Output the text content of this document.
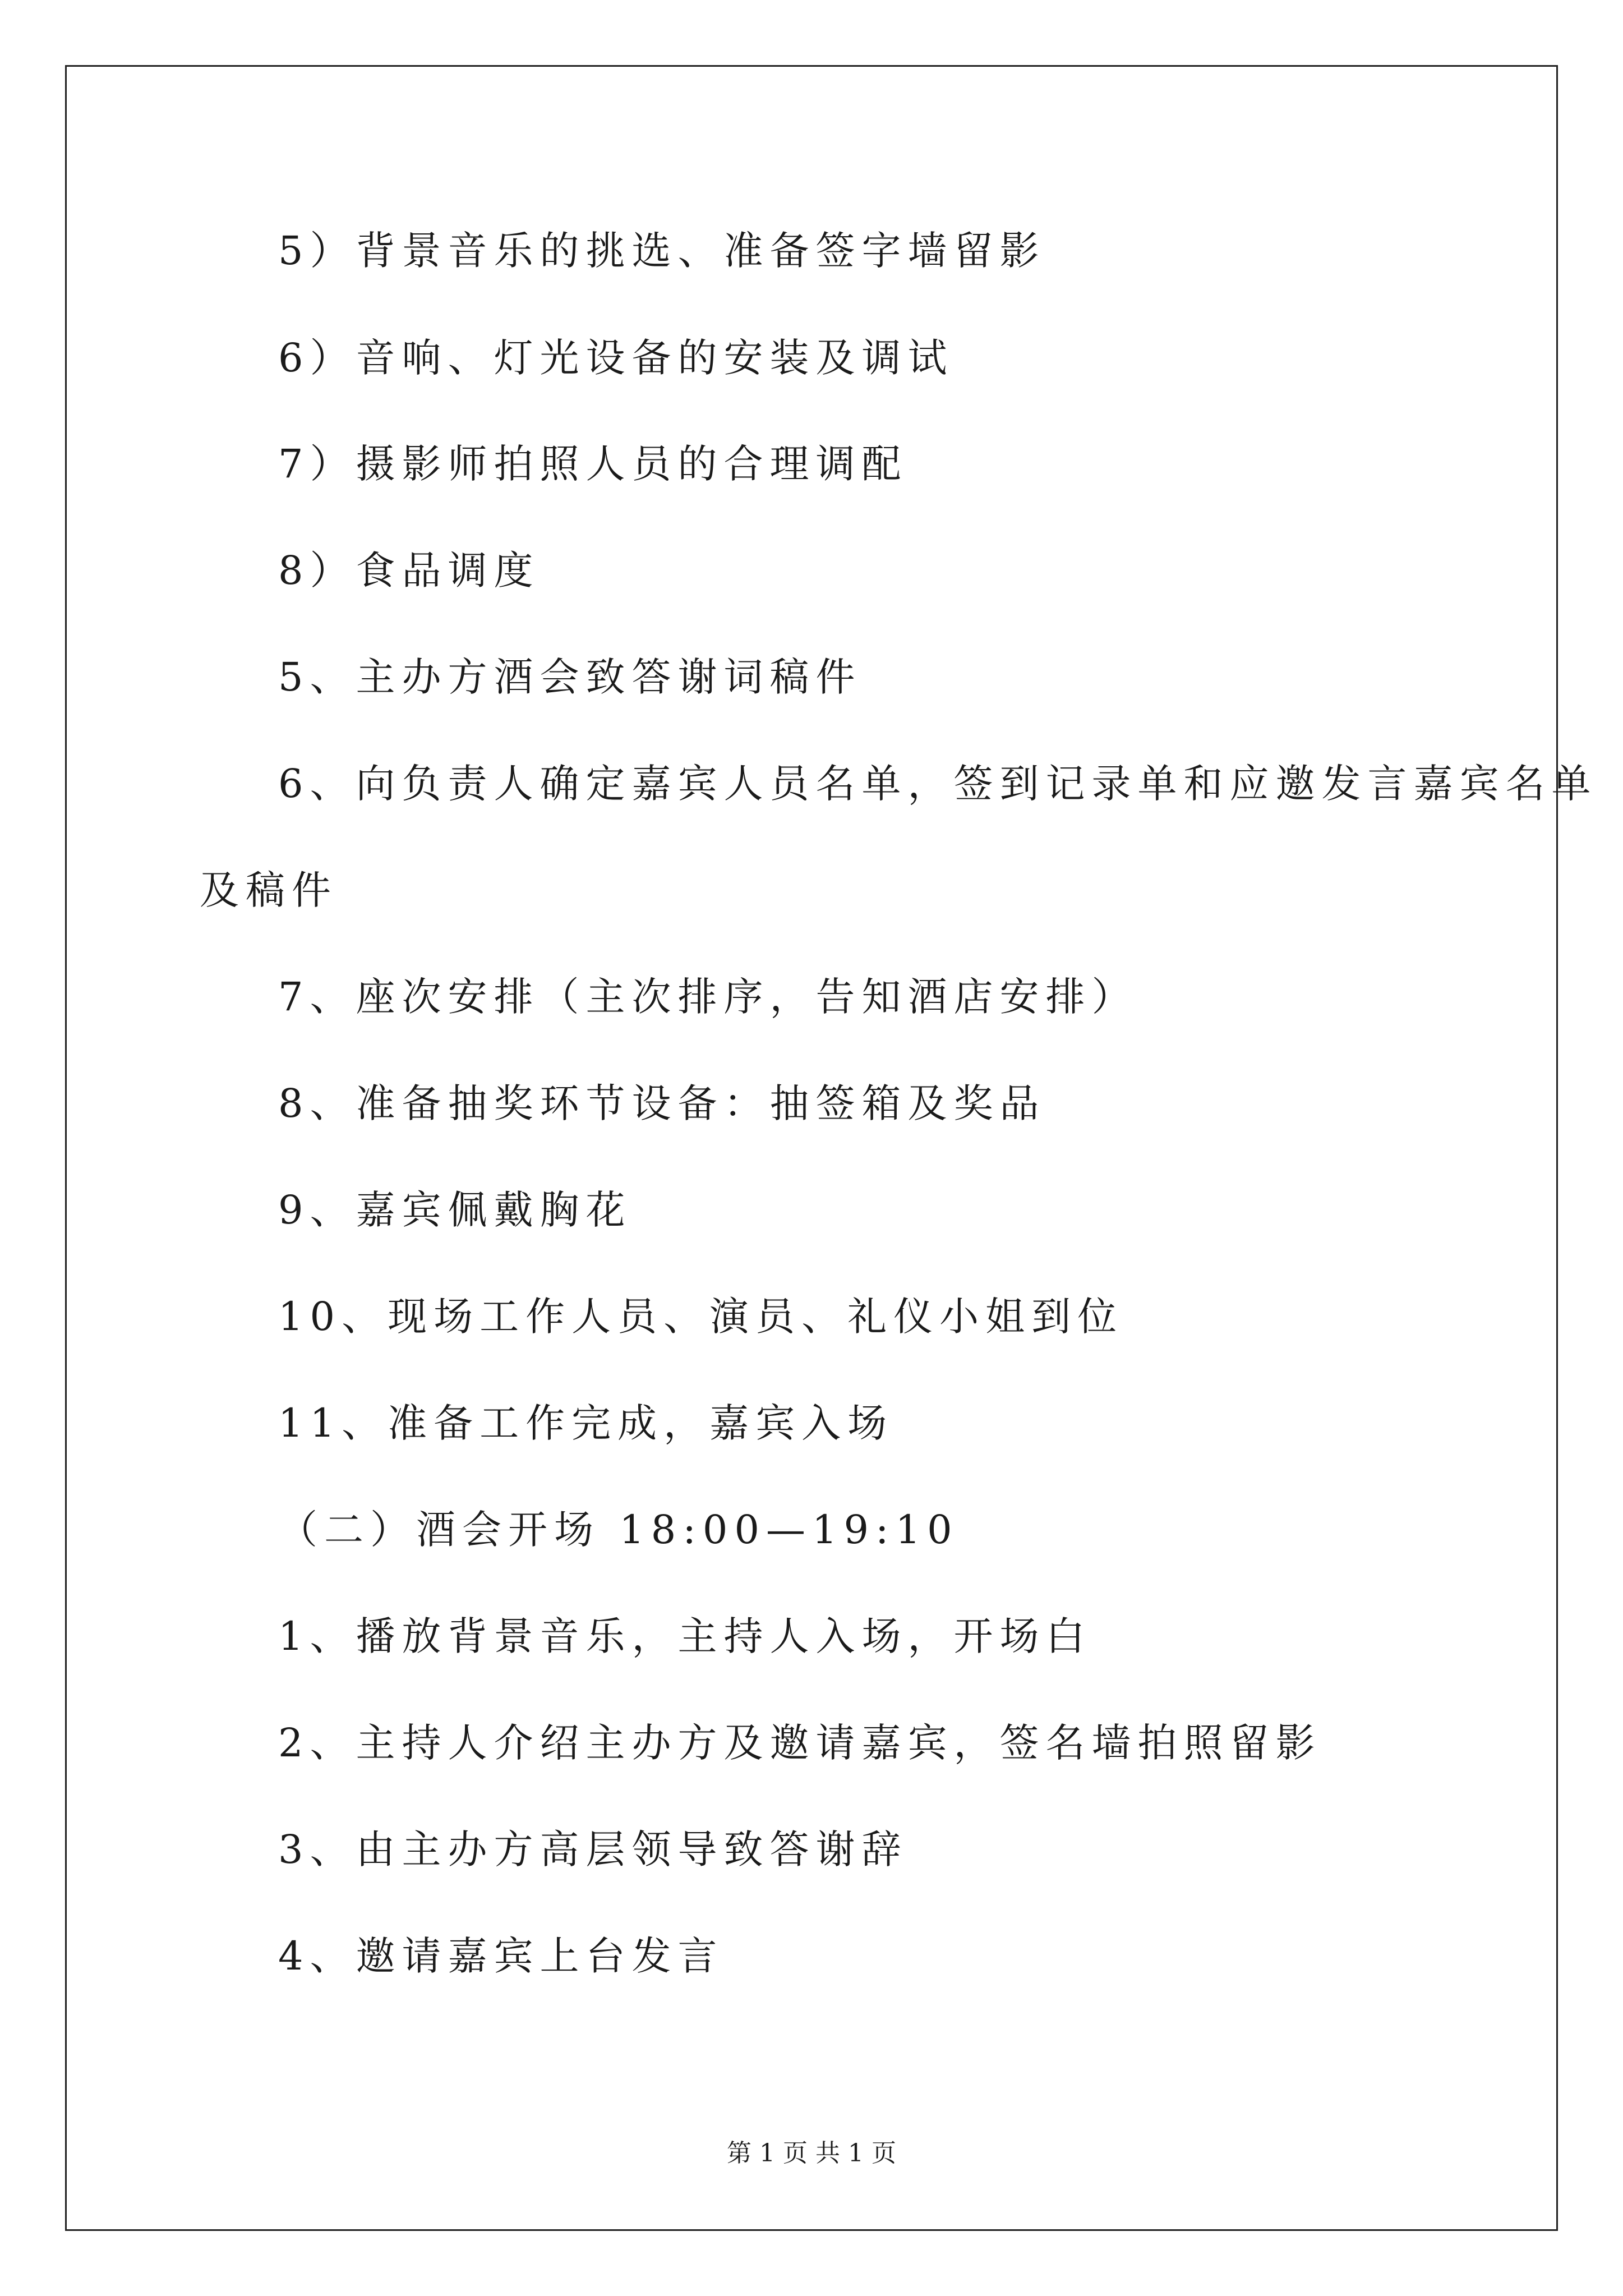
5）背景音乐的挑选、准备签字墙留影
6）音响、灯光设备的安装及调试
7）摄影师拍照人员的合理调配
8）食品调度
5、主办方酒会致答谢词稿件
6、向负责人确定嘉宾人员名单，签到记录单和应邀发言嘉宾名单
及稿件
7、座次安排（主次排序，告知酒店安排）
8、准备抽奖环节设备：抽签箱及奖品
9、嘉宾佩戴胸花
10、现场工作人员、演员、礼仪小姐到位
11、准备工作完成，嘉宾入场
（二）酒会开场 18:00—19:10
1、播放背景音乐，主持人入场，开场白
2、主持人介绍主办方及邀请嘉宾，签名墙拍照留影
3、由主办方高层领导致答谢辞
4、邀请嘉宾上台发言
第 1 页 共 1 页
